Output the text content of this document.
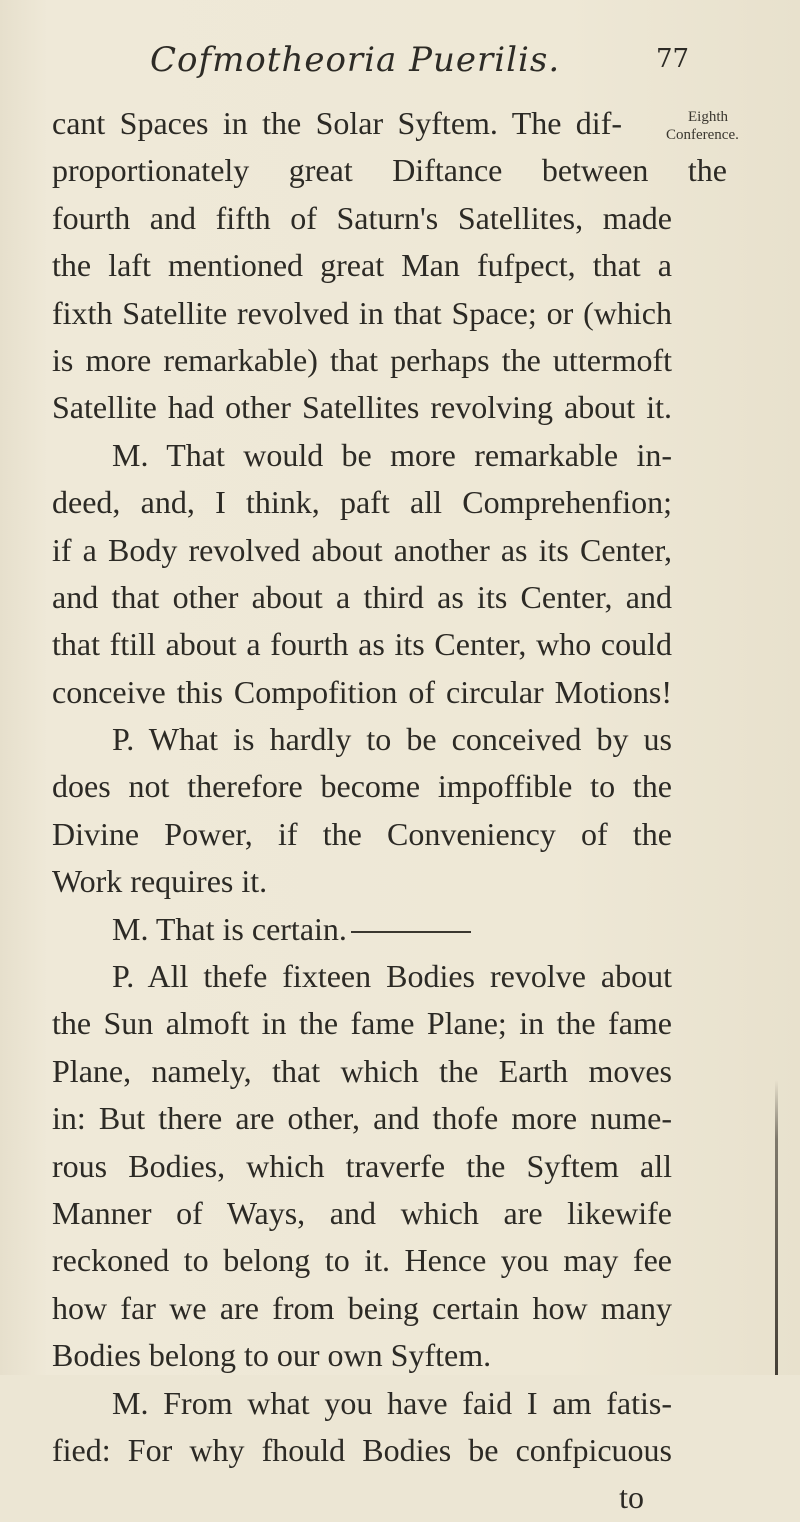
Cofmotheoria Puerilis.	77
Eighth
Conference.
cant Spaces in the Solar Syftem. The dif-
proportionately great Diftance between the
fourth and fifth of Saturn's Satellites, made
the laft mentioned great Man fufpect, that a
fixth Satellite revolved in that Space; or (which
is more remarkable) that perhaps the uttermoft
Satellite had other Satellites revolving about it.
M. That would be more remarkable in-
deed, and, I think, paft all Comprehenfion;
if a Body revolved about another as its Center,
and that other about a third as its Center, and
that ftill about a fourth as its Center, who could
conceive this Compofition of circular Motions!
P. What is hardly to be conceived by us
does not therefore become impoffible to the
Divine Power, if the Conveniency of the
Work requires it.
M. That is certain.
P. All thefe fixteen Bodies revolve about
the Sun almoft in the fame Plane; in the fame
Plane, namely, that which the Earth moves
in: But there are other, and thofe more nume-
rous Bodies, which traverfe the Syftem all
Manner of Ways, and which are likewife
reckoned to belong to it. Hence you may fee
how far we are from being certain how many
Bodies belong to our own Syftem.
M. From what you have faid I am fatis-
fied: For why fhould Bodies be confpicuous
to
